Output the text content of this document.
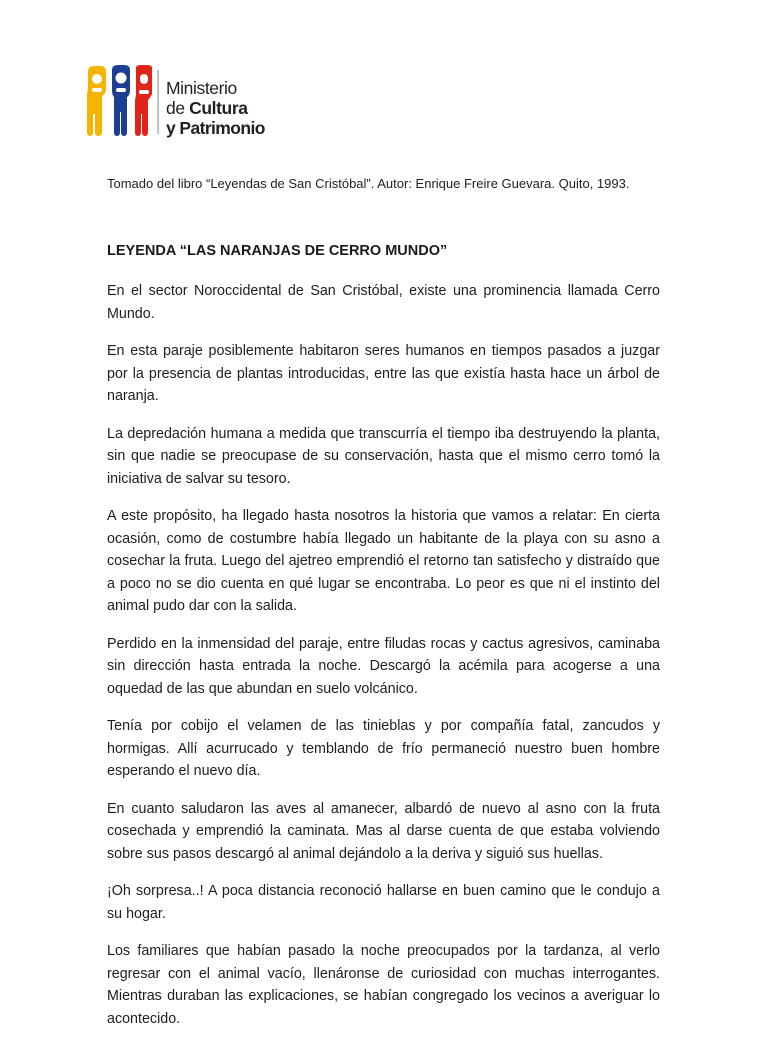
Ministerio
de Cultura
y Patrimonio
Tomado del libro “Leyendas de San Cristóbal”. Autor: Enrique Freire Guevara. Quito, 1993.
LEYENDA “LAS NARANJAS DE CERRO MUNDO”

En el sector Noroccidental de San Cristóbal, existe una prominencia llamada Cerro Mundo.

En esta paraje posiblemente habitaron seres humanos en tiempos pasados a juzgar por la presencia de plantas introducidas, entre las que existía hasta hace un árbol de naranja.

La depredación humana a medida que transcurría el tiempo iba destruyendo la planta, sin que nadie se preocupase de su conservación, hasta que el mismo cerro tomó la iniciativa de salvar su tesoro.

A este propósito, ha llegado hasta nosotros la historia que vamos a relatar: En cierta ocasión, como de costumbre había llegado un habitante de la playa con su asno a cosechar la fruta. Luego del ajetreo emprendió el retorno tan satisfecho y distraído que a poco no se dio cuenta en qué lugar se encontraba. Lo peor es que ni el instinto del animal pudo dar con la salida.

Perdido en la inmensidad del paraje, entre filudas rocas y cactus agresivos, caminaba sin dirección hasta entrada la noche. Descargó la acémila para acogerse a una oquedad de las que abundan en suelo volcánico.

Tenía por cobijo el velamen de las tinieblas y por compañía fatal, zancudos y hormigas. Allí acurrucado y temblando de frío permaneció nuestro buen hombre esperando el nuevo día.

En cuanto saludaron las aves al amanecer, albardó de nuevo al asno con la fruta cosechada y emprendió la caminata. Mas al darse cuenta de que estaba volviendo sobre sus pasos descargó al animal dejándolo a la deriva y siguió sus huellas.

¡Oh sorpresa..! A poca distancia reconoció hallarse en buen camino que le condujo a su hogar.

Los familiares que habían pasado la noche preocupados por la tardanza, al verlo regresar con el animal vacío, llenáronse de curiosidad con muchas interrogantes. Mientras duraban las explicaciones, se habían congregado los vecinos a averiguar lo acontecido.
